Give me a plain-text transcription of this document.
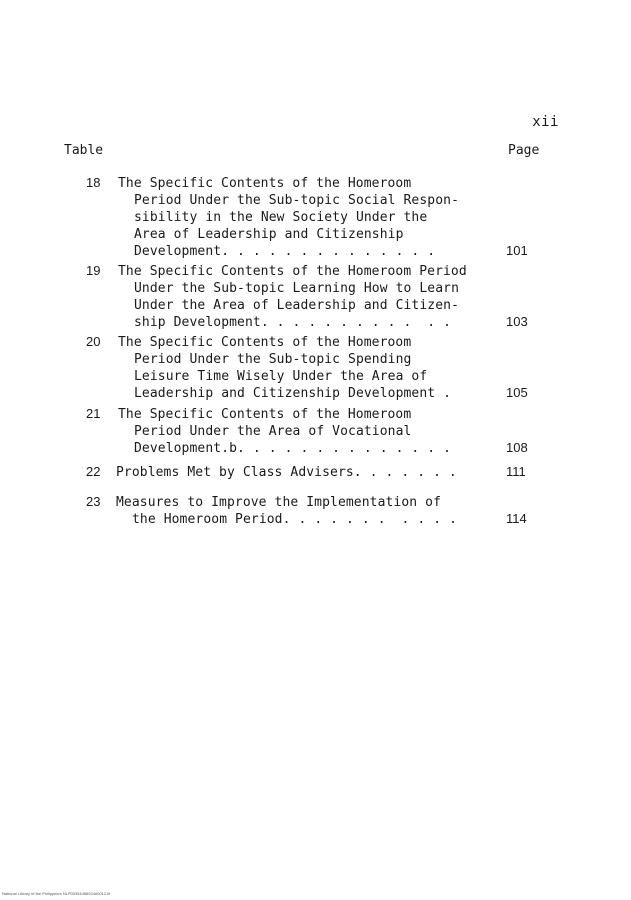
xii
Table	Page
18 The Specific Contents of the Homeroom
Period Under the Sub-topic Social Respon-
sibility in the New Society Under the
Area of Leadership and Citizenship
Development. . . . . . . . . . . . . .	101
19 The Specific Contents of the Homeroom Period
Under the Sub-topic Learning How to Learn
Under the Area of Leadership and Citizen-
ship Development. . . . . . . . . .  . .	103
20 The Specific Contents of the Homeroom
Period Under the Sub-topic Spending
Leisure Time Wisely Under the Area of
Leadership and Citizenship Development .	105
21 The Specific Contents of the Homeroom
Period Under the Area of Vocational
Development.b. . . . . . . . . . . . . .	108
22 Problems Met by Class Advisers. . . . . . .	111
23 Measures to Improve the Implementation of
the Homeroom Period. . . . . . .  . . . .	114
National Library of the Philippines NLP00354456924e0012.tif
